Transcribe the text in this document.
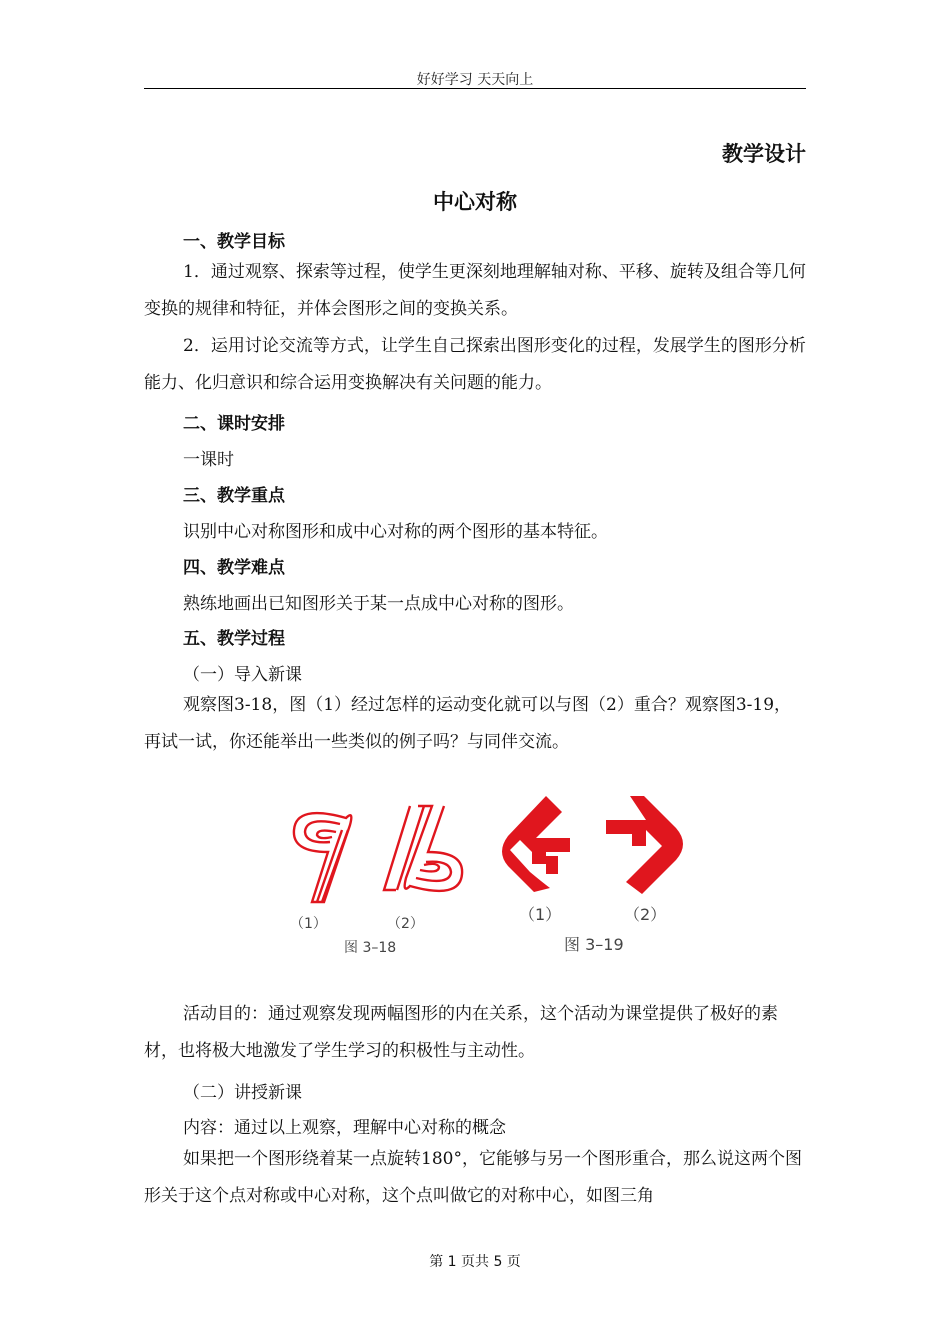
好好学习 天天向上
教学设计
中心对称
一、教学目标
1．通过观察、探索等过程，使学生更深刻地理解轴对称、平移、旋转及组合等几何变换的规律和特征，并体会图形之间的变换关系。
2．运用讨论交流等方式，让学生自己探索出图形变化的过程，发展学生的图形分析能力、化归意识和综合运用变换解决有关问题的能力。
二、课时安排
一课时
三、教学重点
识别中心对称图形和成中心对称的两个图形的基本特征。
四、教学难点
熟练地画出已知图形关于某一点成中心对称的图形。
五、教学过程
（一）导入新课
观察图3-18，图（1）经过怎样的运动变化就可以与图（2）重合？观察图3-19，再试一试，你还能举出一些类似的例子吗？与同伴交流。
（1）	（2）
图 3–18
（1）	（2）
图 3–19
活动目的：通过观察发现两幅图形的内在关系，这个活动为课堂提供了极好的素材，也将极大地激发了学生学习的积极性与主动性。
（二）讲授新课
内容：通过以上观察，理解中心对称的概念
如果把一个图形绕着某一点旋转180°，它能够与另一个图形重合，那么说这两个图形关于这个点对称或中心对称，这个点叫做它的对称中心，如图三角
第 1 页共 5 页
